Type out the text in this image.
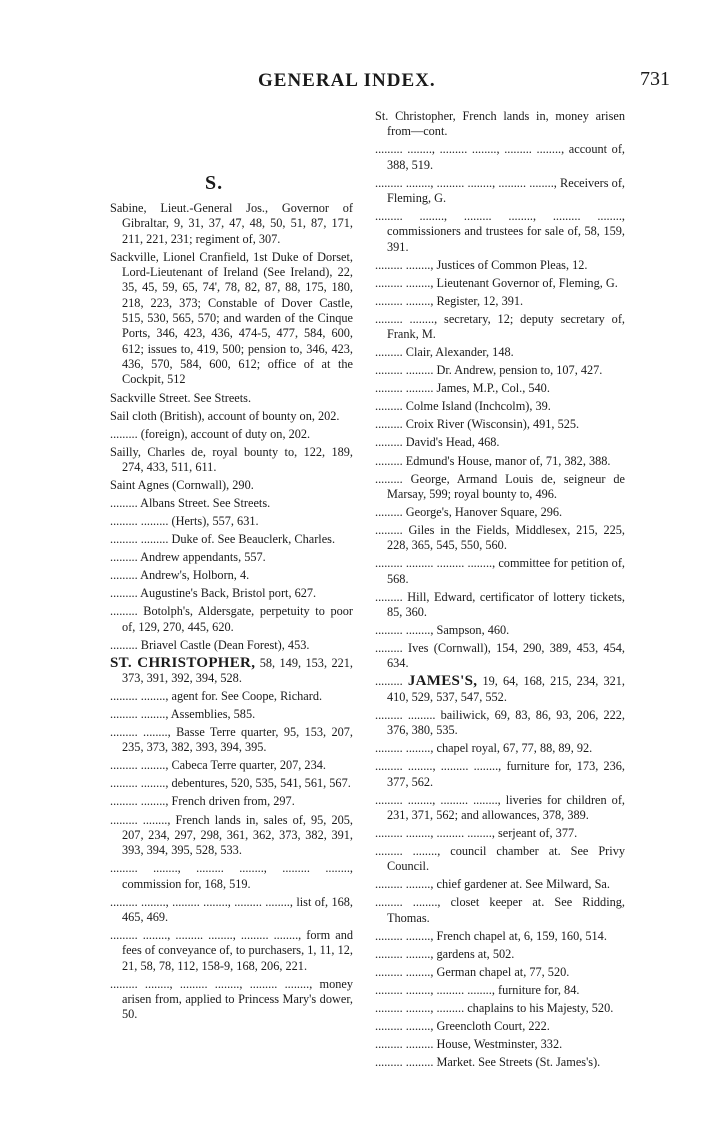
GENERAL INDEX.	731
S.

Sabine, Lieut.-General Jos., Governor of Gibraltar, 9, 31, 37, 47, 48, 50, 51, 87, 171, 211, 221, 231; regiment of, 307.

Sackville, Lionel Cranfield, 1st Duke of Dorset, Lord-Lieutenant of Ireland (See Ireland), 22, 35, 45, 59, 65, 74', 78, 82, 87, 88, 175, 180, 218, 223, 373; Constable of Dover Castle, 515, 530, 565, 570; and warden of the Cinque Ports, 346, 423, 436, 474-5, 477, 584, 600, 612; issues to, 419, 500; pension to, 346, 423, 436, 570, 584, 600, 612; office of at the Cockpit, 512

Sackville Street. See Streets.

Sail cloth (British), account of bounty on, 202.

......... (foreign), account of duty on, 202.

Sailly, Charles de, royal bounty to, 122, 189, 274, 433, 511, 611.

Saint Agnes (Cornwall), 290.

......... Albans Street. See Streets.

......... ......... (Herts), 557, 631.

......... ......... Duke of. See Beauclerk, Charles.

......... Andrew appendants, 557.

......... Andrew's, Holborn, 4.

......... Augustine's Back, Bristol port, 627.

......... Botolph's, Aldersgate, perpetuity to poor of, 129, 270, 445, 620.

......... Briavel Castle (Dean Forest), 453.

ST. CHRISTOPHER, 58, 149, 153, 221, 373, 391, 392, 394, 528.

......... ........, agent for. See Coope, Richard.

......... ........, Assemblies, 585.

......... ........, Basse Terre quarter, 95, 153, 207, 235, 373, 382, 393, 394, 395.

......... ........, Cabeca Terre quarter, 207, 234.

......... ........, debentures, 520, 535, 541, 561, 567.

......... ........, French driven from, 297.

......... ........, French lands in, sales of, 95, 205, 207, 234, 297, 298, 361, 362, 373, 382, 391, 393, 394, 395, 528, 533.

......... ........, ......... ........, ......... ........, commission for, 168, 519.

......... ........, ......... ........, ......... ........, list of, 168, 465, 469.

......... ........, ......... ........, ......... ........, form and fees of conveyance of, to purchasers, 1, 11, 12, 21, 58, 78, 112, 158-9, 168, 206, 221.

......... ........, ......... ........, ......... ........, money arisen from, applied to Princess Mary's dower, 50.

St. Christopher, French lands in, money arisen from—cont.

......... ........, ......... ........, ......... ........, account of, 388, 519.

......... ........, ......... ........, ......... ........, Receivers of, Fleming, G.

......... ........, ......... ........, ......... ........, commissioners and trustees for sale of, 58, 159, 391.

......... ........, Justices of Common Pleas, 12.

......... ........, Lieutenant Governor of, Fleming, G.

......... ........, Register, 12, 391.

......... ........, secretary, 12; deputy secretary of, Frank, M.

......... Clair, Alexander, 148.

......... ......... Dr. Andrew, pension to, 107, 427.

......... ......... James, M.P., Col., 540.

......... Colme Island (Inchcolm), 39.

......... Croix River (Wisconsin), 491, 525.

......... David's Head, 468.

......... Edmund's House, manor of, 71, 382, 388.

......... George, Armand Louis de, seigneur de Marsay, 599; royal bounty to, 496.

......... George's, Hanover Square, 296.

......... Giles in the Fields, Middlesex, 215, 225, 228, 365, 545, 550, 560.

......... ......... ......... ........, committee for petition of, 568.

......... Hill, Edward, certificator of lottery tickets, 85, 360.

......... ........, Sampson, 460.

......... Ives (Cornwall), 154, 290, 389, 453, 454, 634.

......... JAMES'S, 19, 64, 168, 215, 234, 321, 410, 529, 537, 547, 552.

......... ......... bailiwick, 69, 83, 86, 93, 206, 222, 376, 380, 535.

......... ........, chapel royal, 67, 77, 88, 89, 92.

......... ........, ......... ........, furniture for, 173, 236, 377, 562.

......... ........, ......... ........, liveries for children of, 231, 371, 562; and allowances, 378, 389.

......... ........, ......... ........, serjeant of, 377.

......... ........, council chamber at. See Privy Council.

......... ........, chief gardener at. See Milward, Sa.

......... ........, closet keeper at. See Ridding, Thomas.

......... ........, French chapel at, 6, 159, 160, 514.

......... ........, gardens at, 502.

......... ........, German chapel at, 77, 520.

......... ........, ......... ........, furniture for, 84.

......... ........, ......... chaplains to his Majesty, 520.

......... ........, Greencloth Court, 222.

......... ......... House, Westminster, 332.

......... ......... Market. See Streets (St. James's).
